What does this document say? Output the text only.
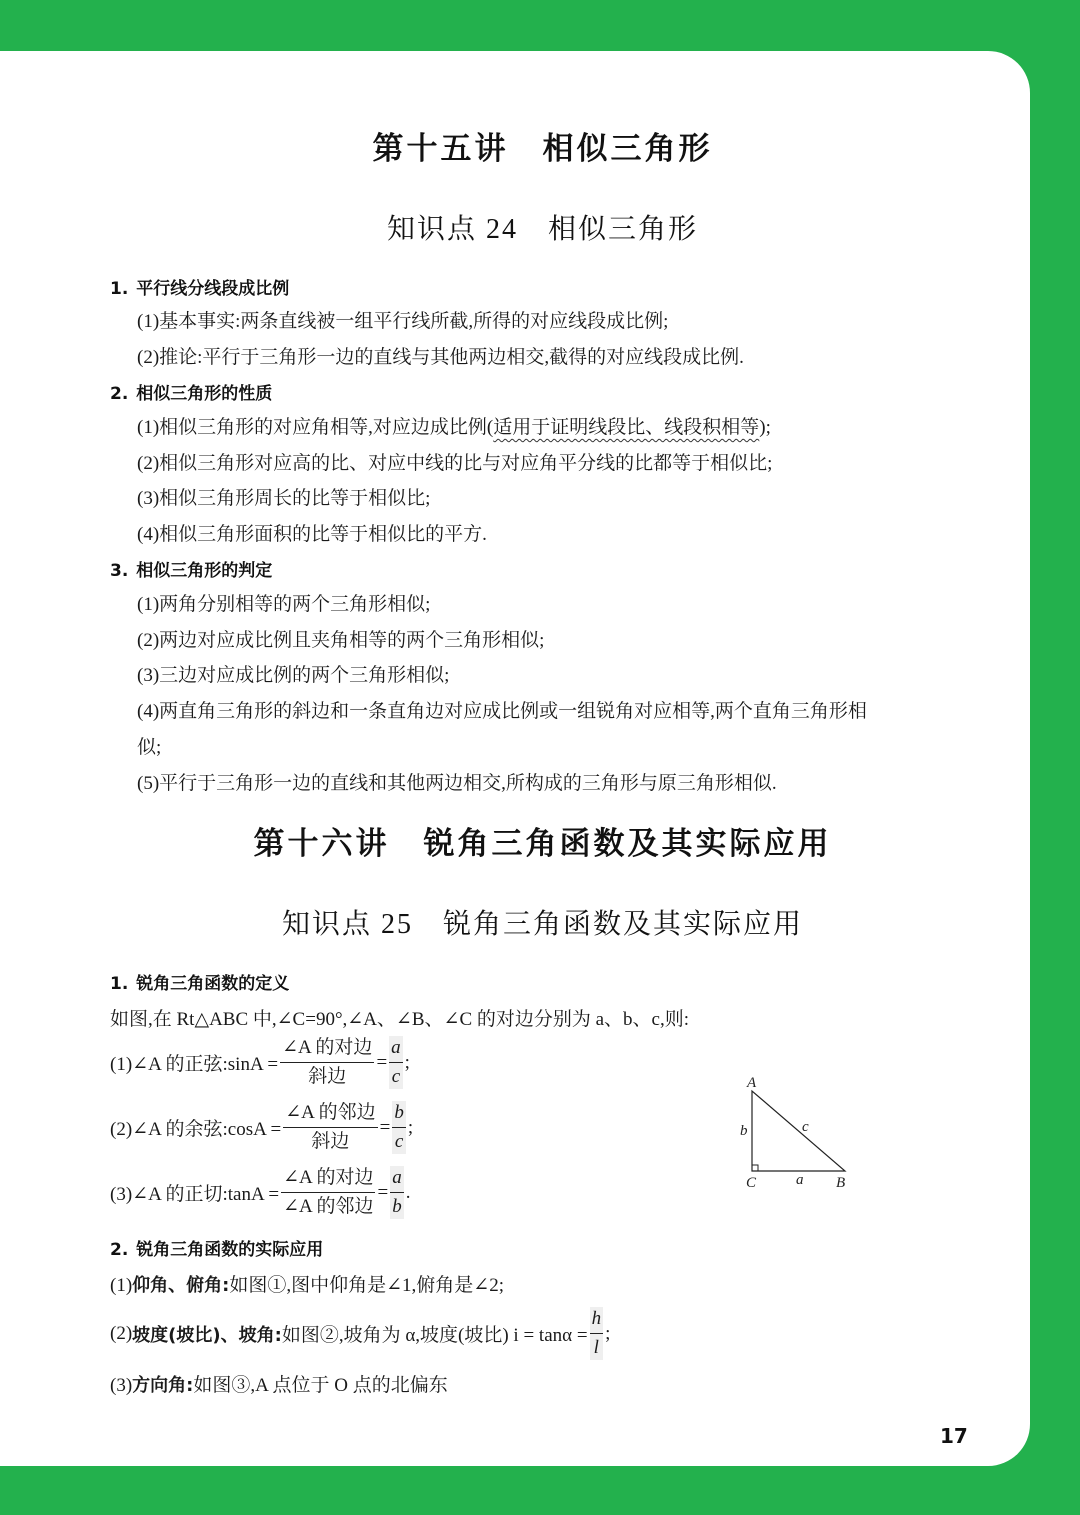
第十五讲　相似三角形
知识点 24　相似三角形
1. 平行线分线段成比例
(1)基本事实:两条直线被一组平行线所截,所得的对应线段成比例;
(2)推论:平行于三角形一边的直线与其他两边相交,截得的对应线段成比例.
2. 相似三角形的性质
(1)相似三角形的对应角相等,对应边成比例(适用于证明线段比、线段积相等);
(2)相似三角形对应高的比、对应中线的比与对应角平分线的比都等于相似比;
(3)相似三角形周长的比等于相似比;
(4)相似三角形面积的比等于相似比的平方.
3. 相似三角形的判定
(1)两角分别相等的两个三角形相似;
(2)两边对应成比例且夹角相等的两个三角形相似;
(3)三边对应成比例的两个三角形相似;
(4)两直角三角形的斜边和一条直角边对应成比例或一组锐角对应相等,两个直角三角形相
似;
(5)平行于三角形一边的直线和其他两边相交,所构成的三角形与原三角形相似.
第十六讲　锐角三角函数及其实际应用
知识点 25　锐角三角函数及其实际应用
1. 锐角三角函数的定义
如图,在 Rt△ABC 中,∠C=90°,∠A、∠B、∠C 的对边分别为 a、b、c,则:
(1)∠A 的正弦:sinA = $\frac{\text{∠A 的对边}}{\text{斜边}} = \frac{a}{c}$ ;
(2)∠A 的余弦:cosA = $\frac{\text{∠A 的邻边}}{\text{斜边}} = \frac{b}{c}$ ;
(3)∠A 的正切:tanA = $\frac{\text{∠A 的对边}}{\text{∠A 的邻边}} = \frac{a}{b}$ .
A
C	B
b	c
a
2. 锐角三角函数的实际应用
(1)仰角、俯角:如图①,图中仰角是∠1,俯角是∠2;
(2) 坡度(坡比)、坡角: 如图②,坡角为 α,坡度(坡比) $i = \tan\alpha = \frac{h}{l}$ ;
(3)方向角:如图③,A 点位于 O 点的北偏东
17
